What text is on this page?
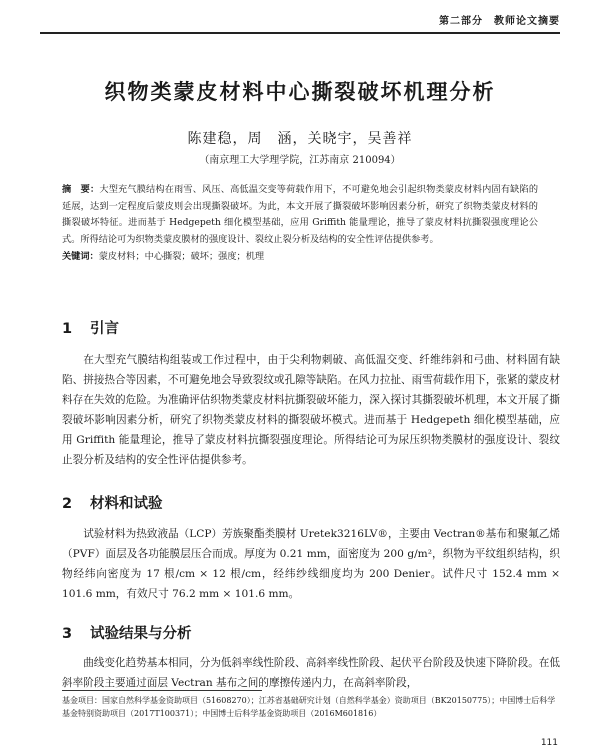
第二部分　教师论文摘要
织物类蒙皮材料中心撕裂破坏机理分析
陈建稳，周　涵，关晓宇，吴善祥
（南京理工大学理学院，江苏南京 210094）
摘　要：大型充气膜结构在雨雪、风压、高低温交变等荷载作用下，不可避免地会引起织物类蒙皮材料内固有缺陷的延展，达到一定程度后蒙皮则会出现撕裂破坏。为此，本文开展了撕裂破坏影响因素分析，研究了织物类蒙皮材料的撕裂破坏特征。进而基于 Hedgepeth 细化模型基础，应用 Griffith 能量理论，推导了蒙皮材料抗撕裂强度理论公式。所得结论可为织物类蒙皮膜材的强度设计、裂纹止裂分析及结构的安全性评估提供参考。
关键词：蒙皮材料；中心撕裂；破坏；强度；机理
1 引言
在大型充气膜结构组装或工作过程中，由于尖利物刺破、高低温交变、纤维纬斜和弓曲、材料固有缺陷、拼接热合等因素，不可避免地会导致裂纹或孔隙等缺陷。在风力拉扯、雨雪荷载作用下，张紧的蒙皮材料存在失效的危险。为准确评估织物类蒙皮材料抗撕裂破坏能力，深入探讨其撕裂破坏机理，本文开展了撕裂破坏影响因素分析，研究了织物类蒙皮材料的撕裂破坏模式。进而基于 Hedgepeth 细化模型基础，应用 Griffith 能量理论，推导了蒙皮材料抗撕裂强度理论。所得结论可为尿压织物类膜材的强度设计、裂纹止裂分析及结构的安全性评估提供参考。
2 材料和试验
试验材料为热致液晶（LCP）芳族聚酯类膜材 Uretek3216LV®，主要由 Vectran®基布和聚氟乙烯（PVF）面层及各功能膜层压合而成。厚度为 0.21 mm，面密度为 200 g/m²，织物为平纹组织结构，织物经纬向密度为 17 根/cm × 12 根/cm，经纬纱线细度均为 200 Denier。试件尺寸 152.4 mm × 101.6 mm，有效尺寸 76.2 mm × 101.6 mm。
3 试验结果与分析
曲线变化趋势基本相同，分为低斜率线性阶段、高斜率线性阶段、起伏平台阶段及快速下降阶段。在低斜率阶段主要通过面层 Vectran 基布之间的摩擦传递内力，在高斜率阶段，
基金项目：国家自然科学基金资助项目（51608270）；江苏省基础研究计划（自然科学基金）资助项目（BK20150775）；中国博士后科学基金特别资助项目（2017T100371）；中国博士后科学基金资助项目（2016M601816）
111
